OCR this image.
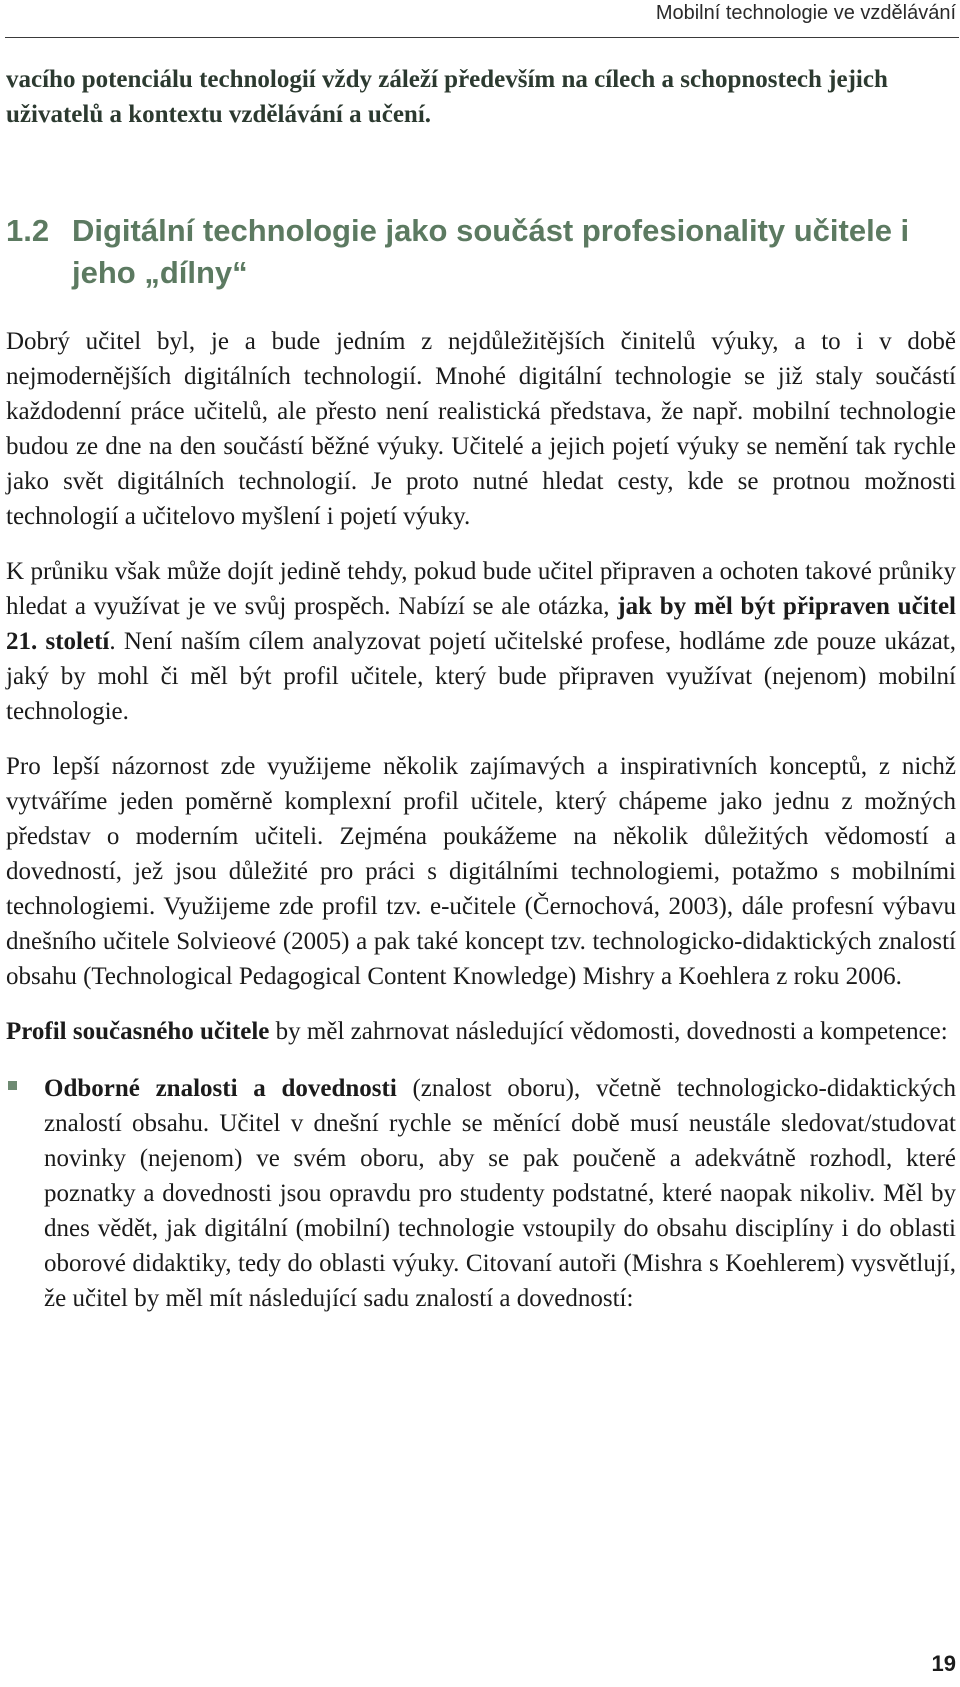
Mobilní technologie ve vzdělávání

vacího potenciálu technologií vždy záleží především na cílech a schopnostech jejich uživatelů a kontextu vzdělávání a učení.

1.2 Digitální technologie jako součást profesionality učitele i jeho „dílny“

Dobrý učitel byl, je a bude jedním z nejdůležitějších činitelů výuky, a to i v době nejmodernějších digitálních technologií. Mnohé digitální technologie se již staly součástí každodenní práce učitelů, ale přesto není realistická představa, že např. mobilní technologie budou ze dne na den součástí běžné výuky. Učitelé a jejich pojetí výuky se nemění tak rychle jako svět digitálních technologií. Je proto nutné hledat cesty, kde se protnou možnosti technologií a učitelovo myšlení i pojetí výuky.

K průniku však může dojít jedině tehdy, pokud bude učitel připraven a ochoten takové průniky hledat a využívat je ve svůj prospěch. Nabízí se ale otázka, jak by měl být připraven učitel 21. století. Není naším cílem analyzovat pojetí učitelské profese, hodláme zde pouze ukázat, jaký by mohl či měl být profil učitele, který bude připraven využívat (nejenom) mobilní technologie.

Pro lepší názornost zde využijeme několik zajímavých a inspirativních konceptů, z nichž vytváříme jeden poměrně komplexní profil učitele, který chápeme jako jednu z možných představ o moderním učiteli. Zejména poukážeme na několik důležitých vědomostí a dovedností, jež jsou důležité pro práci s digitálními technologiemi, potažmo s mobilními technologiemi. Využijeme zde profil tzv. e-učitele (Černochová, 2003), dále profesní výbavu dnešního učitele Solvieové (2005) a pak také koncept tzv. technologicko-didaktických znalostí obsahu (Technological Pedagogical Content Knowledge) Mishry a Koehlera z roku 2006.

Profil současného učitele by měl zahrnovat následující vědomosti, dovednosti a kompetence:

Odborné znalosti a dovednosti (znalost oboru), včetně technologicko-didaktických znalostí obsahu. Učitel v dnešní rychle se měnící době musí neustále sledovat/studovat novinky (nejenom) ve svém oboru, aby se pak poučeně a adekvátně rozhodl, které poznatky a dovednosti jsou opravdu pro studenty podstatné, které naopak nikoliv. Měl by dnes vědět, jak digitální (mobilní) technologie vstoupily do obsahu disciplíny i do oblasti oborové didaktiky, tedy do oblasti výuky. Citovaní autoři (Mishra s Koehlerem) vysvětlují, že učitel by měl mít následující sadu znalostí a dovedností:
19
